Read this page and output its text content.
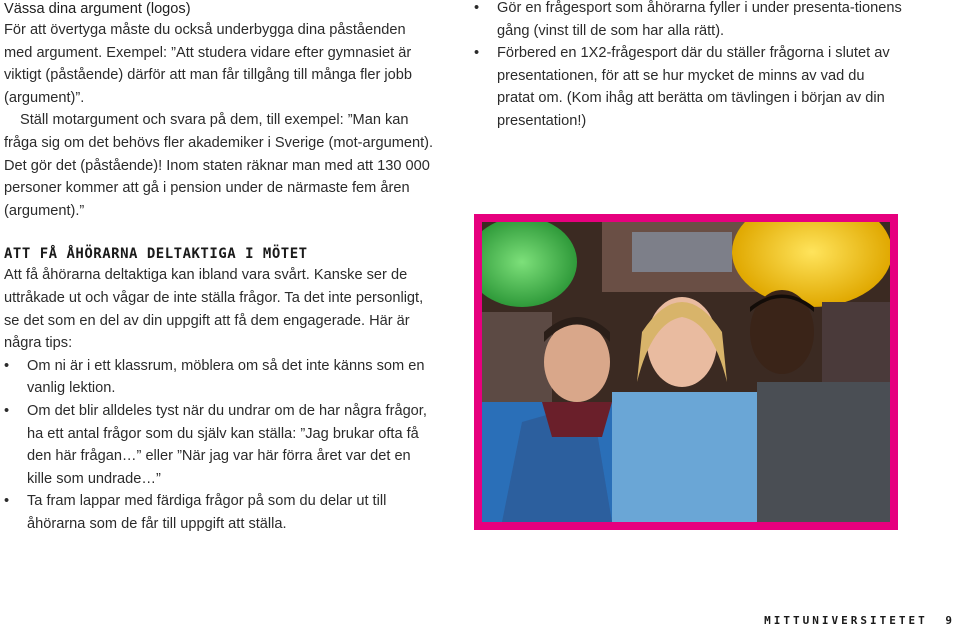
Vässa dina argument (logos)

För att övertyga måste du också underbygga dina påståenden med argument. Exempel: ”Att studera vidare efter gymnasiet är viktigt (påstående) därför att man får tillgång till många fler jobb (argument)”.

Ställ motargument och svara på dem, till exempel: ”Man kan fråga sig om det behövs fler akademiker i Sverige (mot-argument). Det gör det (påstående)! Inom staten räknar man med att 130 000 personer kommer att gå i pension under de närmaste fem åren (argument).”

ATT FÅ ÅHÖRARNA DELTAKTIGA I MÖTET

Att få åhörarna deltaktiga kan ibland vara svårt. Kanske ser de uttråkade ut och vågar de inte ställa frågor. Ta det inte personligt, se det som en del av din uppgift att få dem engagerade. Här är några tips:

• Om ni är i ett klassrum, möblera om så det inte känns som en vanlig lektion.
• Om det blir alldeles tyst när du undrar om de har några frågor, ha ett antal frågor som du själv kan ställa: ”Jag brukar ofta få den här frågan…” eller ”När jag var här förra året var det en kille som undrade…”
• Ta fram lappar med färdiga frågor på som du delar ut till åhörarna som de får till uppgift att ställa.
• Gör en frågesport som åhörarna fyller i under presenta-tionens gång (vinst till de som har alla rätt).
• Förbered en 1X2-frågesport där du ställer frågorna i slutet av presentationen, för att se hur mycket de minns av vad du pratat om. (Kom ihåg att berätta om tävlingen i början av din presentation!)
MITTUNIVERSITETET 9
